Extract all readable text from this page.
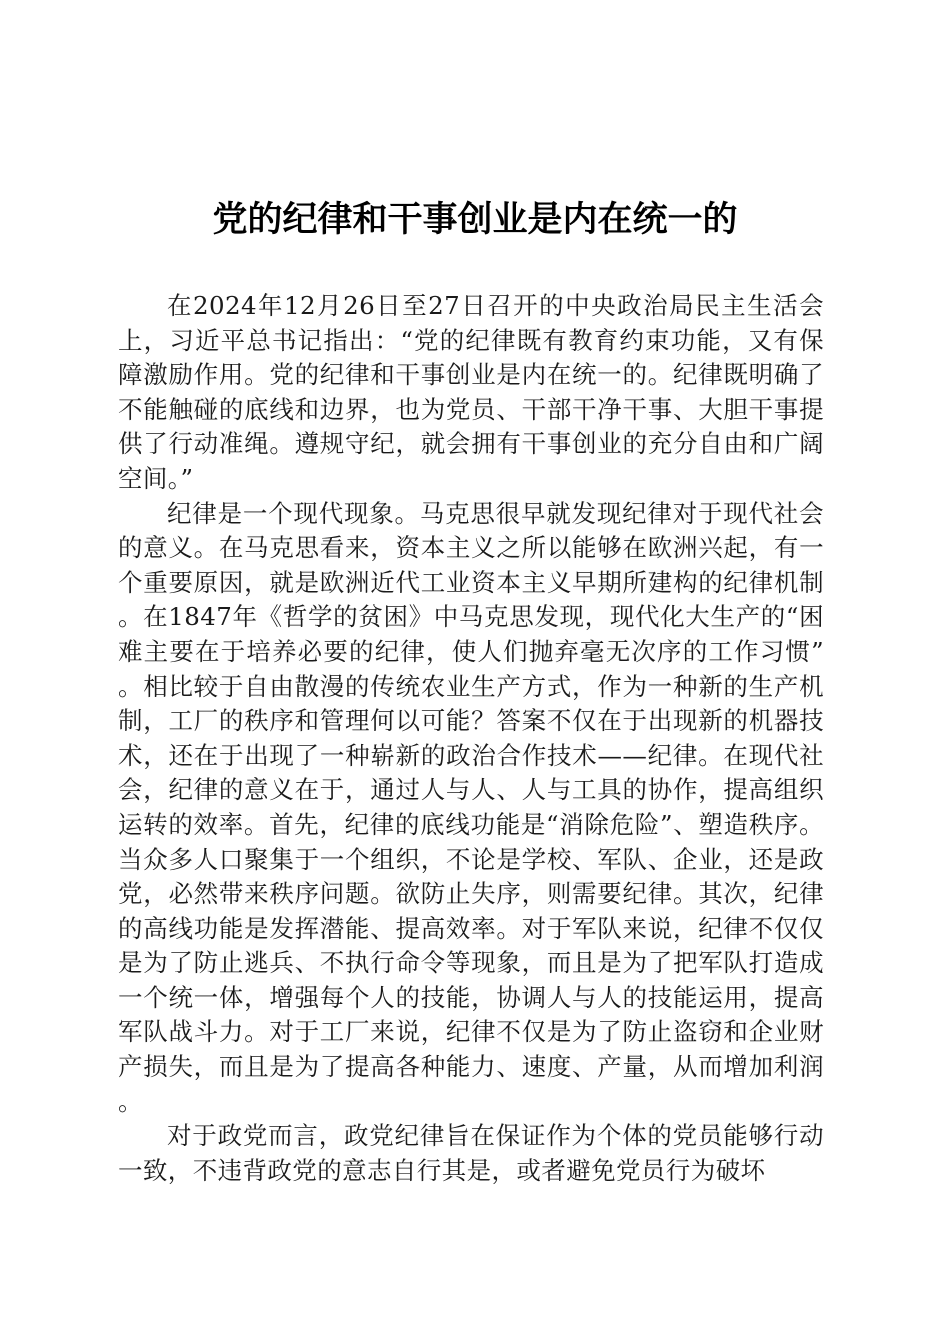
党的纪律和干事创业是内在统一的

在2024年12月26日至27日召开的中央政治局民主生活会上，习近平总书记指出：“党的纪律既有教育约束功能，又有保障激励作用。党的纪律和干事创业是内在统一的。纪律既明确了不能触碰的底线和边界，也为党员、干部干净干事、大胆干事提供了行动准绳。遵规守纪，就会拥有干事创业的充分自由和广阔空间。”

纪律是一个现代现象。马克思很早就发现纪律对于现代社会的意义。在马克思看来，资本主义之所以能够在欧洲兴起，有一个重要原因，就是欧洲近代工业资本主义早期所建构的纪律机制。在1847年《哲学的贫困》中马克思发现，现代化大生产的“困难主要在于培养必要的纪律，使人们抛弃毫无次序的工作习惯”。相比较于自由散漫的传统农业生产方式，作为一种新的生产机制，工厂的秩序和管理何以可能？答案不仅在于出现新的机器技术，还在于出现了一种崭新的政治合作技术——纪律。在现代社会，纪律的意义在于，通过人与人、人与工具的协作，提高组织运转的效率。首先，纪律的底线功能是“消除危险”、塑造秩序。当众多人口聚集于一个组织，不论是学校、军队、企业，还是政党，必然带来秩序问题。欲防止失序，则需要纪律。其次，纪律的高线功能是发挥潜能、提高效率。对于军队来说，纪律不仅仅是为了防止逃兵、不执行命令等现象，而且是为了把军队打造成一个统一体，增强每个人的技能，协调人与人的技能运用，提高军队战斗力。对于工厂来说，纪律不仅是为了防止盗窃和企业财产损失，而且是为了提高各种能力、速度、产量，从而增加利润。

对于政党而言，政党纪律旨在保证作为个体的党员能够行动一致，不违背政党的意志自行其是，或者避免党员行为破坏
